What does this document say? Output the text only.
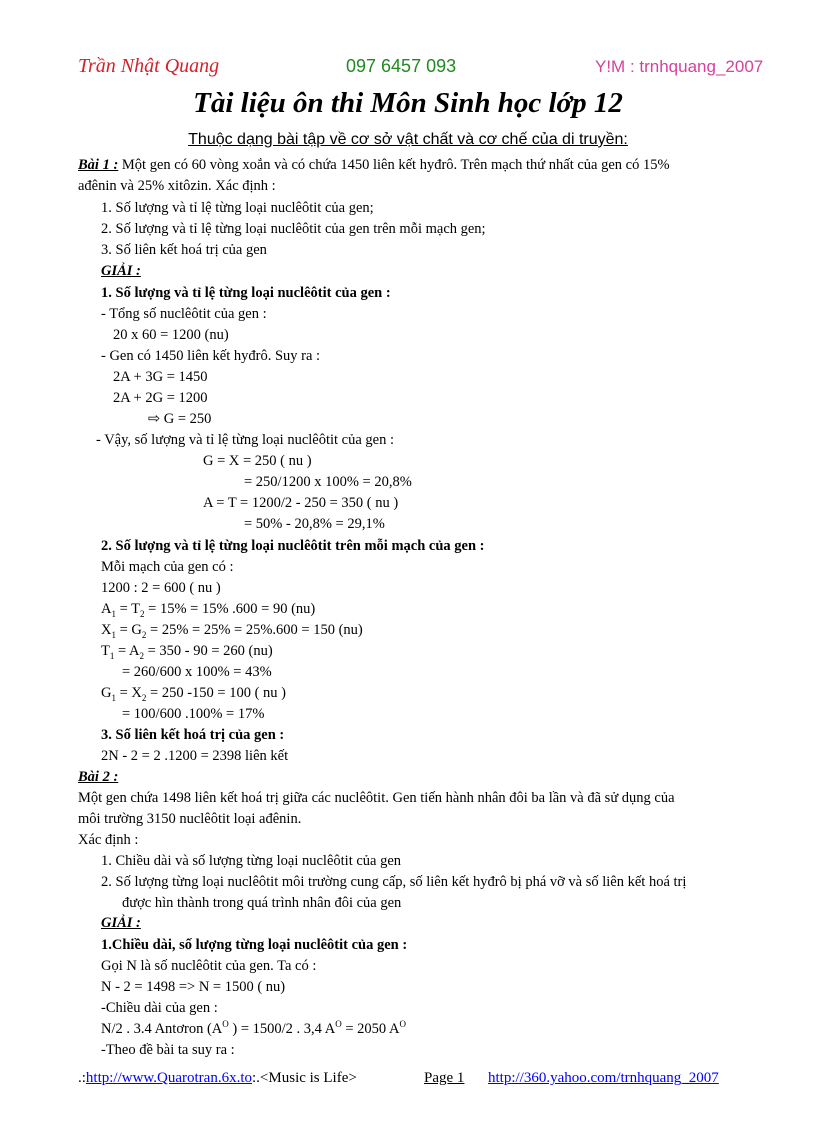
Trần Nhật Quang	097 6457 093	Y!M : trnhquang_2007
Tài liệu ôn thi Môn Sinh học lớp 12
Thuộc dạng bài tập về cơ sở vật chất và cơ chế của di truyền:
Bài 1 : Một gen có 60 vòng xoắn và có chứa 1450 liên kết hyđrô. Trên mạch thứ nhất của gen có 15%
ađênin và 25% xitôzin. Xác định :
1. Số lượng và tỉ lệ từng loại nuclêôtit của gen;
2. Số lượng và tỉ lệ từng loại nuclêôtit của gen trên mỗi mạch gen;
3. Số liên kết hoá trị của gen
GIẢI :
1. Số lượng và tỉ lệ từng loại nuclêôtit của gen :
- Tổng số nuclêôtit của gen :
20 x 60 = 1200 (nu)
- Gen có 1450 liên kết hyđrô. Suy ra :
2A + 3G = 1450
2A + 2G = 1200
⇨ G = 250
- Vậy, số lượng và tỉ lệ từng loại nuclêôtit của gen :
G = X = 250 ( nu )
= 250/1200 x 100% = 20,8%
A = T = 1200/2 - 250 = 350 ( nu )
= 50% - 20,8% = 29,1%
2. Số lượng và tỉ lệ từng loại nuclêôtit trên mỗi mạch của gen :
Mỗi mạch của gen có :
1200 : 2 = 600 ( nu )
$A_1 = T_2 = 15\% = 15\%$ .600 = 90 (nu)
$X_1 = G_2 = 25\% = 25\% = 25\%.600 = 150$ (nu)
$T_1 = A_2 = 350 - 90 = 260$ (nu)
= 260/600 x 100% = 43%
$G_1 = X_2 = 250$ -150 = 100 ( nu )
= 100/600 .100% = 17%
3. Số liên kết hoá trị của gen :
2N - 2 = 2 .1200 = 2398 liên kết
Bài 2 :
Một gen chứa 1498 liên kết hoá trị giữa các nuclêôtit. Gen tiến hành nhân đôi ba lần và đã sử dụng của
môi trường 3150 nuclêôtit loại ađênin.
Xác định :
1. Chiều dài và số lượng từng loại nuclêôtit của gen
2. Số lượng từng loại nuclêôtit môi trường cung cấp, số liên kết hyđrô bị phá vỡ và số liên kết hoá trị
được hìn thành trong quá trình nhân đôi của gen
GIẢI :
1.Chiều dài, số lượng từng loại nuclêôtit của gen :
Gọi N là số nuclêôtit của gen. Ta có :
N - 2 = 1498 => N = 1500 ( nu)
-Chiều dài của gen :
N/2 . 3.4 Antơron ($A^O$ ) = 1500/2 . 3,4 $A^O = 2050$ $A^O$
-Theo đề bài ta suy ra :
.:http://www.Quarotran.6x.to:.<Music is Life>	Page 1 http://360.yahoo.com/trnhquang_2007
